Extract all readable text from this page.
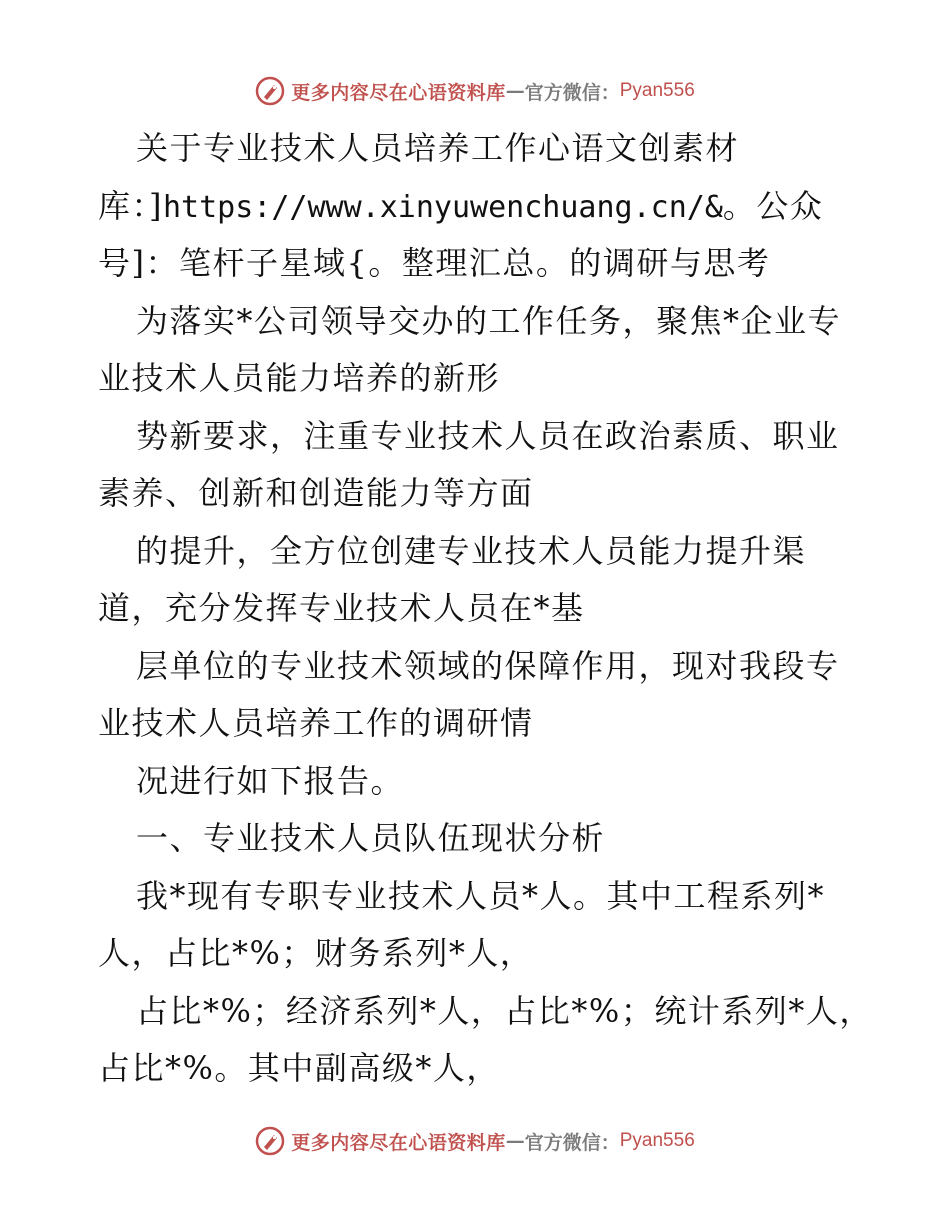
更多内容尽在心语资料库 — 官方微信： Pyan556
关于专业技术人员培养工作心语文创素材
库：]https://www.xinyuwenchuang.cn/&。公众
号]：笔杆子星域{。整理汇总。的调研与思考
为落实*公司领导交办的工作任务，聚焦*企业专
业技术人员能力培养的新形
势新要求，注重专业技术人员在政治素质、职业
素养、创新和创造能力等方面
的提升，全方位创建专业技术人员能力提升渠
道，充分发挥专业技术人员在*基
层单位的专业技术领域的保障作用，现对我段专
业技术人员培养工作的调研情
况进行如下报告。
一、专业技术人员队伍现状分析
我*现有专职专业技术人员*人。其中工程系列*
人，占比*%；财务系列*人，
占比*%；经济系列*人，占比*%；统计系列*人，
占比*%。其中副高级*人，
更多内容尽在心语资料库 — 官方微信： Pyan556
